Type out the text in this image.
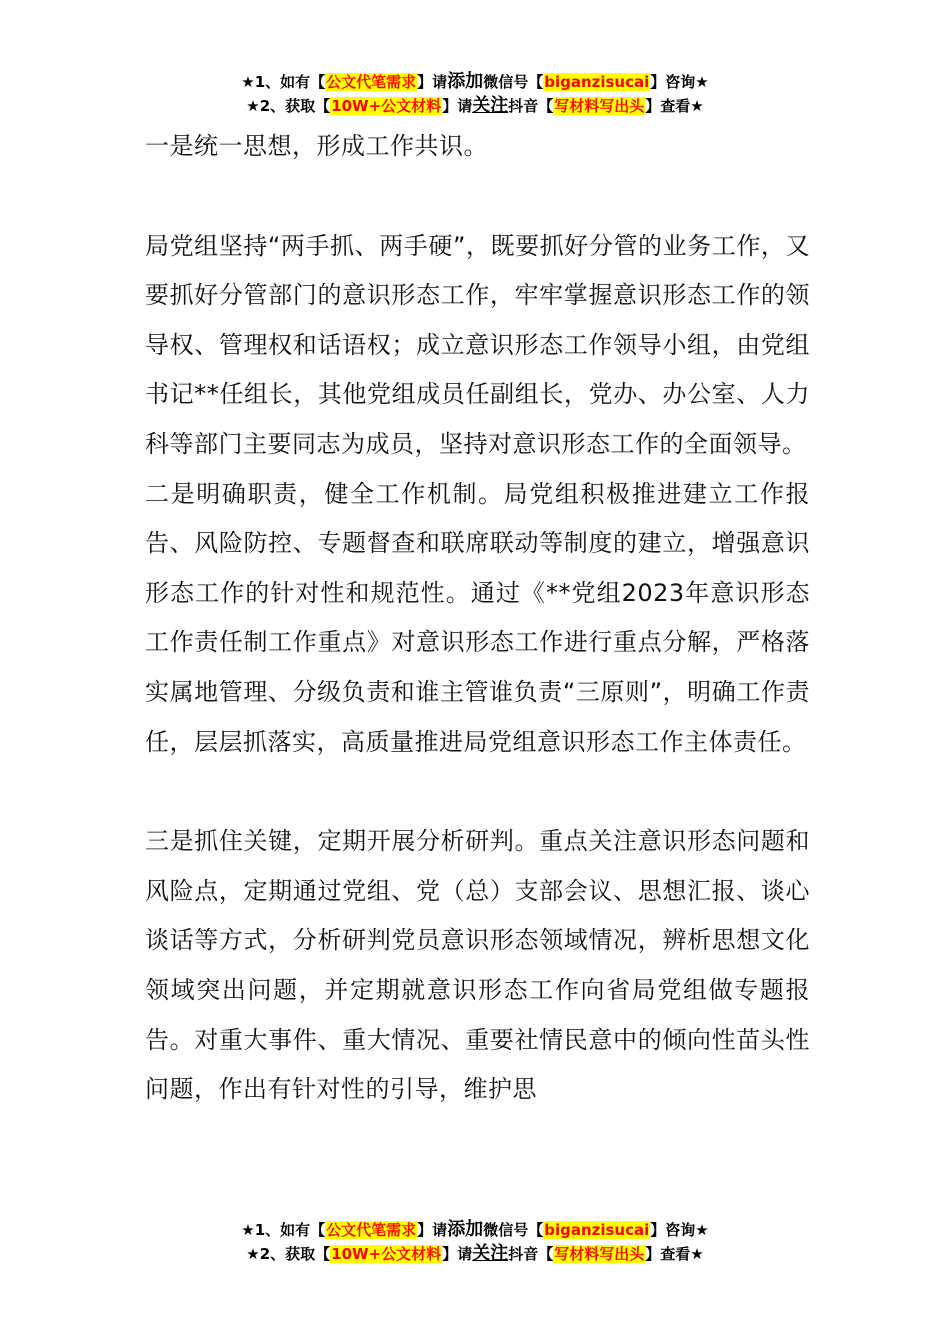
★1、如有【公文代笔需求】请添加微信号【biganzisucai】咨询★
★2、获取【10W+公文材料】请关注抖音【写材料写出头】查看★

一是统一思想，形成工作共识。

局党组坚持“两手抓、两手硬”，既要抓好分管的业务工作，又要抓好分管部门的意识形态工作，牢牢掌握意识形态工作的领导权、管理权和话语权；成立意识形态工作领导小组，由党组书记**任组长，其他党组成员任副组长，党办、办公室、人力科等部门主要同志为成员，坚持对意识形态工作的全面领导。

二是明确职责，健全工作机制。局党组积极推进建立工作报告、风险防控、专题督查和联席联动等制度的建立，增强意识形态工作的针对性和规范性。通过《**党组2023年意识形态工作责任制工作重点》对意识形态工作进行重点分解，严格落实属地管理、分级负责和谁主管谁负责“三原则”，明确工作责任，层层抓落实，高质量推进局党组意识形态工作主体责任。

三是抓住关键，定期开展分析研判。重点关注意识形态问题和风险点，定期通过党组、党（总）支部会议、思想汇报、谈心谈话等方式，分析研判党员意识形态领域情况，辨析思想文化领域突出问题，并定期就意识形态工作向省局党组做专题报告。对重大事件、重大情况、重要社情民意中的倾向性苗头性问题，作出有针对性的引导，维护思

★1、如有【公文代笔需求】请添加微信号【biganzisucai】咨询★
★2、获取【10W+公文材料】请关注抖音【写材料写出头】查看★
